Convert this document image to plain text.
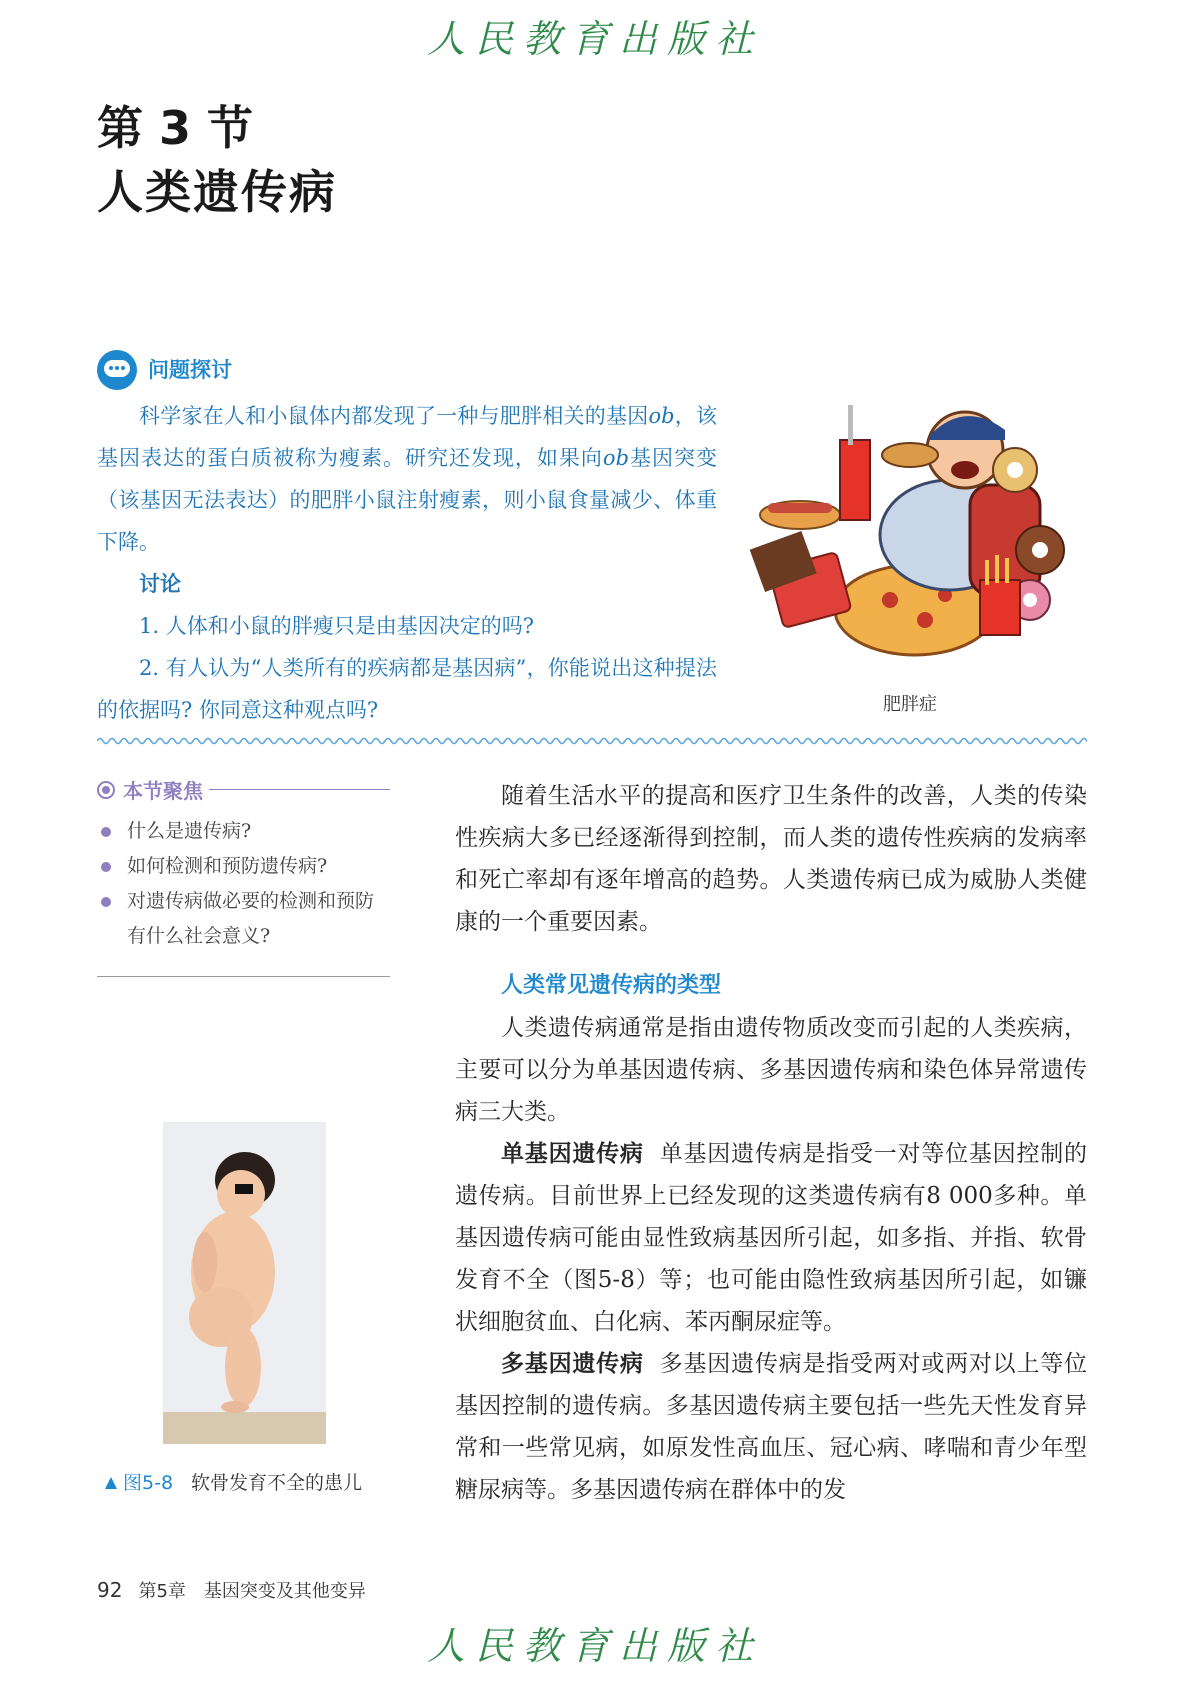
人民教育出版社
第 3 节
人类遗传病
问题探讨

科学家在人和小鼠体内都发现了一种与肥胖相关的基因ob，该基因表达的蛋白质被称为瘦素。研究还发现，如果向ob基因突变（该基因无法表达）的肥胖小鼠注射瘦素，则小鼠食量减少、体重下降。

讨论

1. 人体和小鼠的胖瘦只是由基因决定的吗?

2. 有人认为“人类所有的疾病都是基因病”，你能说出这种提法的依据吗? 你同意这种观点吗?	肥胖症
本节聚焦
什么是遗传病?
如何检测和预防遗传病?
对遗传病做必要的检测和预防有什么社会意义?

随着生活水平的提高和医疗卫生条件的改善，人类的传染性疾病大多已经逐渐得到控制，而人类的遗传性疾病的发病率和死亡率却有逐年增高的趋势。人类遗传病已成为威胁人类健康的一个重要因素。

人类常见遗传病的类型

人类遗传病通常是指由遗传物质改变而引起的人类疾病，主要可以分为单基因遗传病、多基因遗传病和染色体异常遗传病三大类。

单基因遗传病 单基因遗传病是指受一对等位基因控制的遗传病。目前世界上已经发现的这类遗传病有8 000多种。单基因遗传病可能由显性致病基因所引起，如多指、并指、软骨发育不全（图5-8）等；也可能由隐性致病基因所引起，如镰状细胞贫血、白化病、苯丙酮尿症等。

多基因遗传病 多基因遗传病是指受两对或两对以上等位基因控制的遗传病。多基因遗传病主要包括一些先天性发育异常和一些常见病，如原发性高血压、冠心病、哮喘和青少年型糖尿病等。多基因遗传病在群体中的发

图5-8 软骨发育不全的患儿
92 第5章　基因突变及其他变异
人民教育出版社
